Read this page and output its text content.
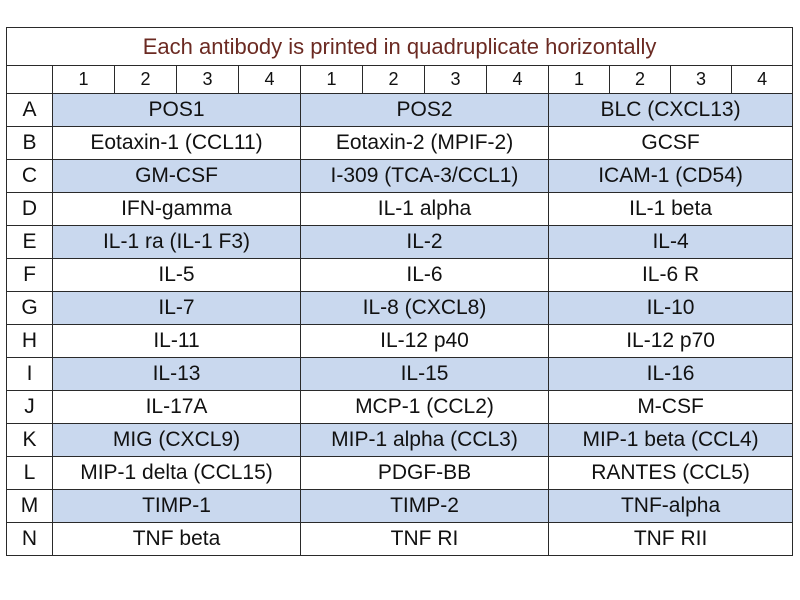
Each antibody is printed in quadruplicate horizontally												
	1	2	3	4	1	2	3	4	1	2	3	4
A	POS1				POS2				BLC (CXCL13)			
B	Eotaxin-1 (CCL11)				Eotaxin-2 (MPIF-2)				GCSF			
C	GM-CSF				I-309 (TCA-3/CCL1)				ICAM-1 (CD54)			
D	IFN-gamma				IL-1 alpha				IL-1 beta			
E	IL-1 ra (IL-1 F3)				IL-2				IL-4			
F	IL-5				IL-6				IL-6 R			
G	IL-7				IL-8 (CXCL8)				IL-10			
H	IL-11				IL-12 p40				IL-12 p70			
I	IL-13				IL-15				IL-16			
J	IL-17A				MCP-1 (CCL2)				M-CSF			
K	MIG (CXCL9)				MIP-1 alpha (CCL3)				MIP-1 beta (CCL4)			
L	MIP-1 delta (CCL15)				PDGF-BB				RANTES (CCL5)			
M	TIMP-1				TIMP-2				TNF-alpha			
N	TNF beta				TNF RI				TNF RII			
